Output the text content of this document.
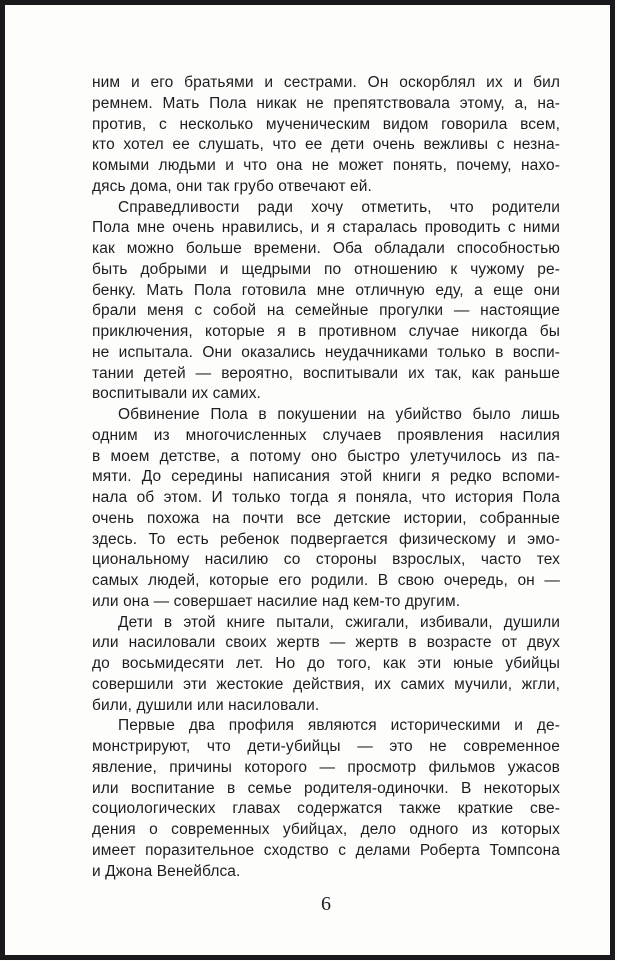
ним и его братьями и сестрами. Он оскорблял их и бил
ремнем. Мать Пола никак не препятствовала этому, а, на-
против, с несколько мученическим видом говорила всем,
кто хотел ее слушать, что ее дети очень вежливы с незна-
комыми людьми и что она не может понять, почему, нахо-
дясь дома, они так грубо отвечают ей.
Справедливости ради хочу отметить, что родители
Пола мне очень нравились, и я старалась проводить с ними
как можно больше времени. Оба обладали способностью
быть добрыми и щедрыми по отношению к чужому ре-
бенку. Мать Пола готовила мне отличную еду, а еще они
брали меня с собой на семейные прогулки — настоящие
приключения, которые я в противном случае никогда бы
не испытала. Они оказались неудачниками только в воспи-
тании детей — вероятно, воспитывали их так, как раньше
воспитывали их самих.
Обвинение Пола в покушении на убийство было лишь
одним из многочисленных случаев проявления насилия
в моем детстве, а потому оно быстро улетучилось из па-
мяти. До середины написания этой книги я редко вспоми-
нала об этом. И только тогда я поняла, что история Пола
очень похожа на почти все детские истории, собранные
здесь. То есть ребенок подвергается физическому и эмо-
циональному насилию со стороны взрослых, часто тех
самых людей, которые его родили. В свою очередь, он —
или она — совершает насилие над кем-то другим.
Дети в этой книге пытали, сжигали, избивали, душили
или насиловали своих жертв — жертв в возрасте от двух
до восьмидесяти лет. Но до того, как эти юные убийцы
совершили эти жестокие действия, их самих мучили, жгли,
били, душили или насиловали.
Первые два профиля являются историческими и де-
монстрируют, что дети-убийцы — это не современное
явление, причины которого — просмотр фильмов ужасов
или воспитание в семье родителя-одиночки. В некоторых
социологических главах содержатся также краткие све-
дения о современных убийцах, дело одного из которых
имеет поразительное сходство с делами Роберта Томпсона
и Джона Венейблса.
6
